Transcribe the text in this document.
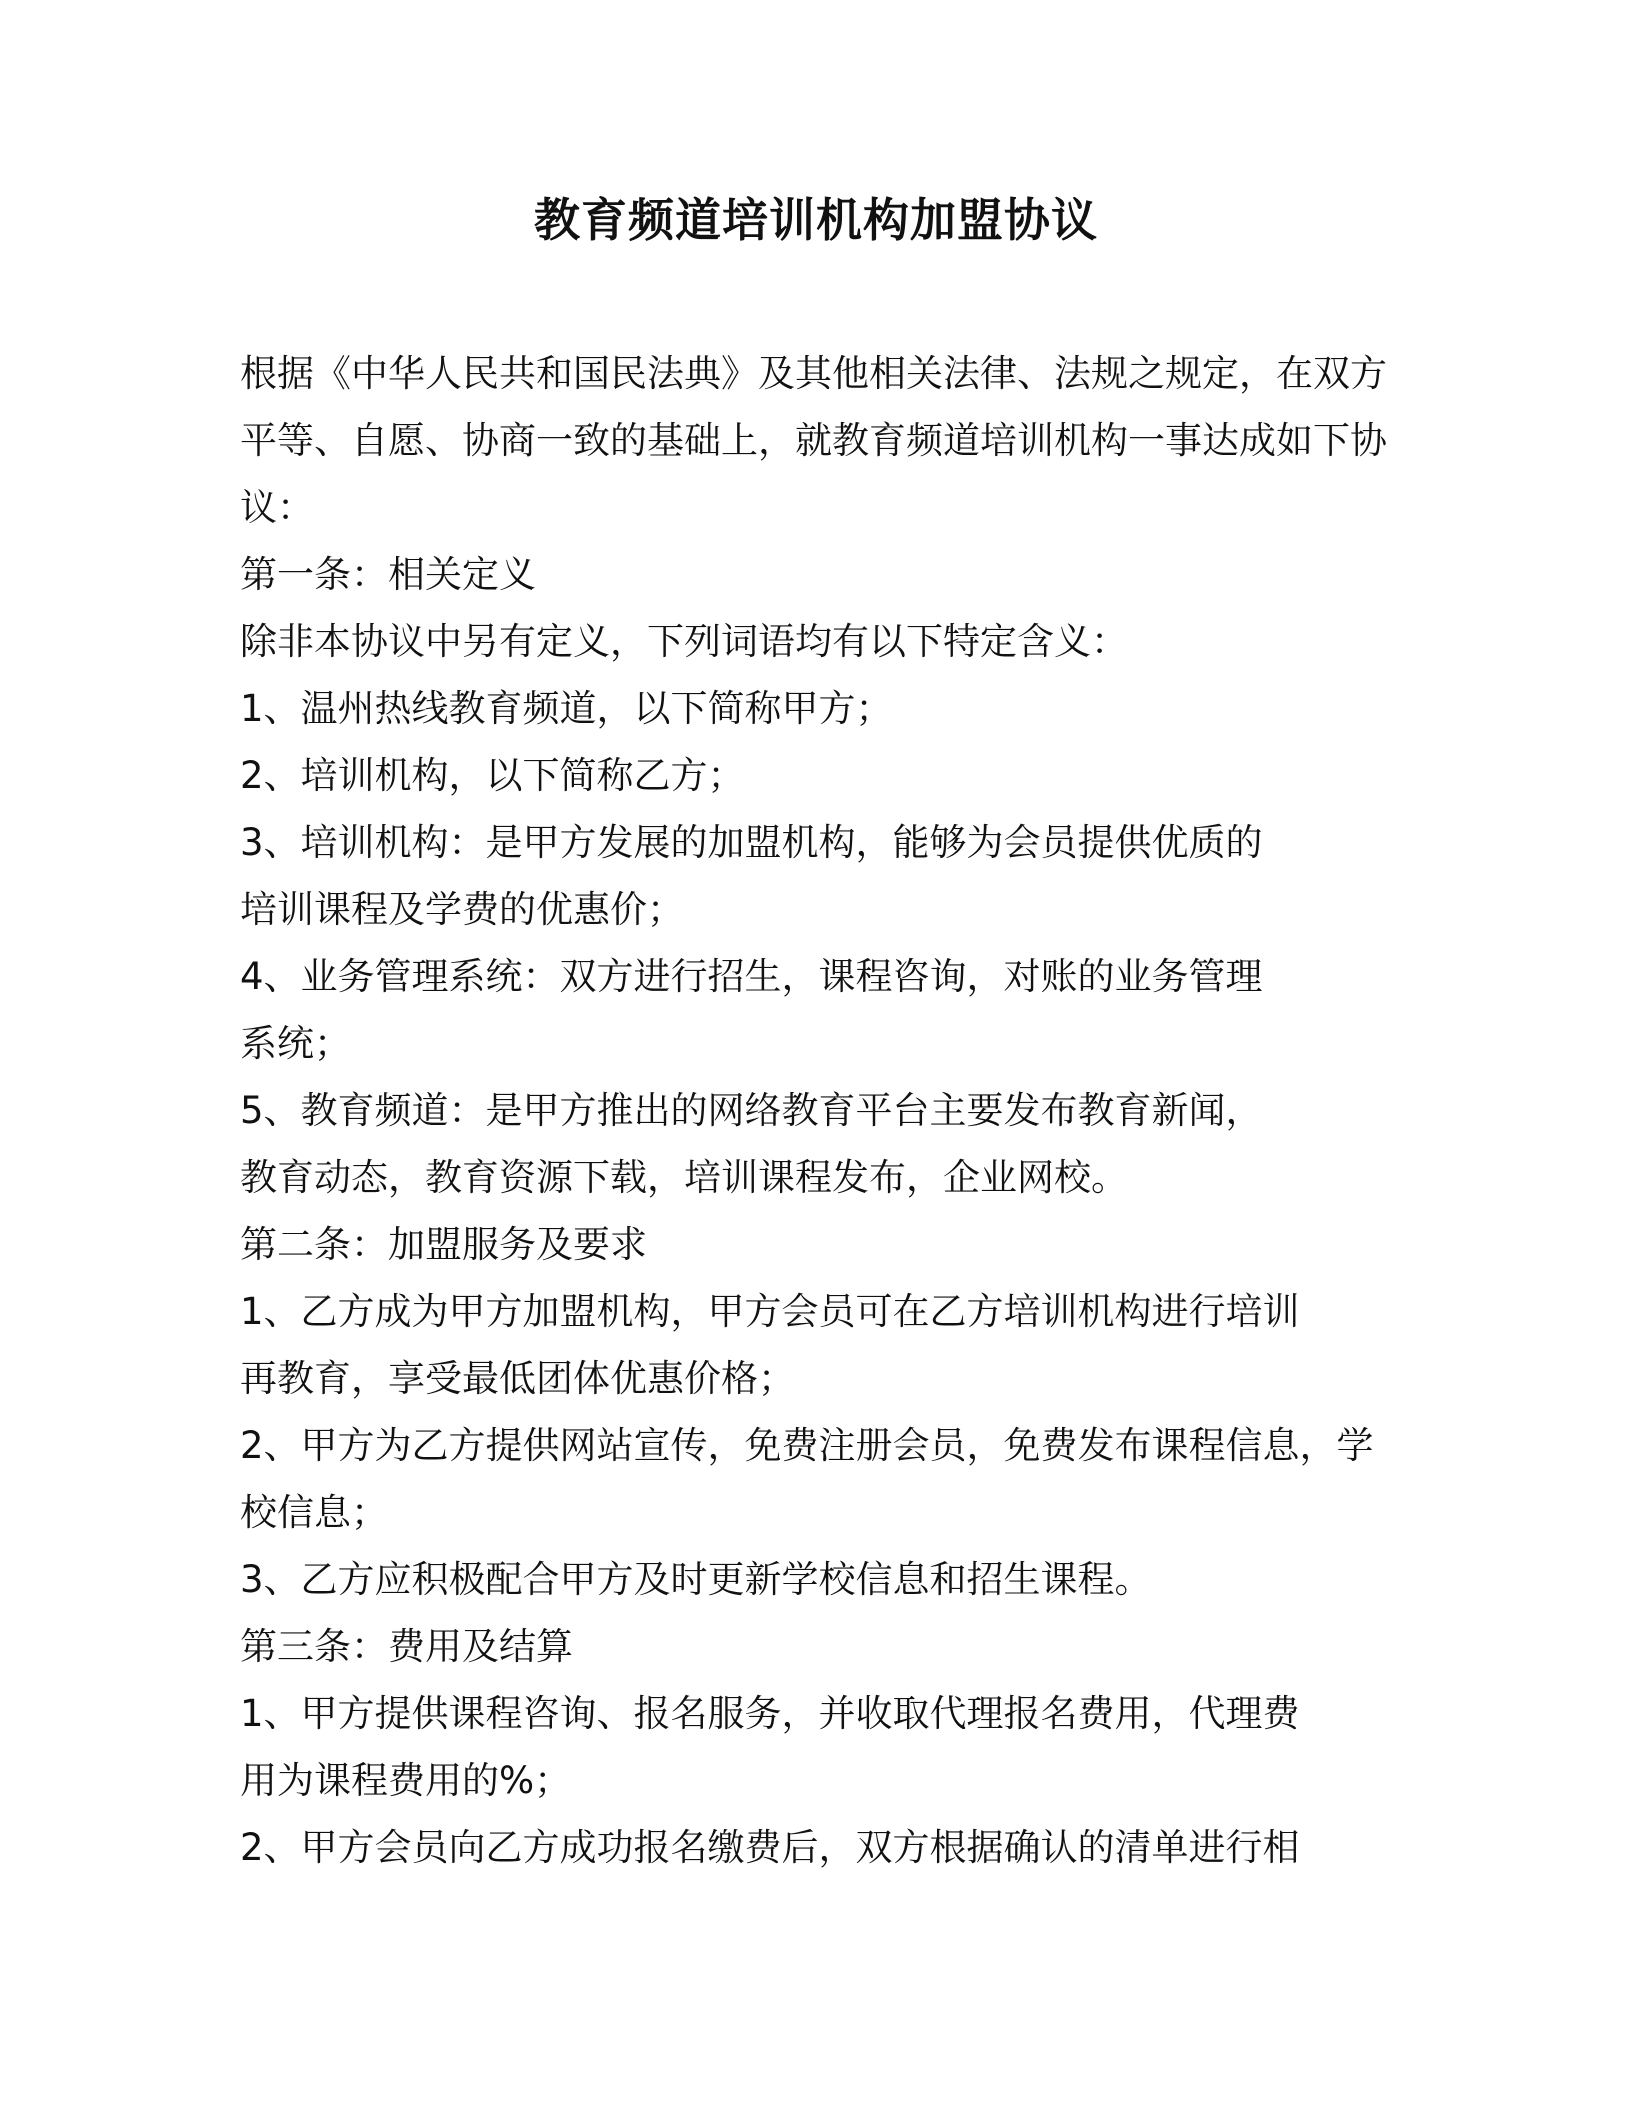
教育频道培训机构加盟协议

根据《中华人民共和国民法典》及其他相关法律、法规之规定，在双方

平等、自愿、协商一致的基础上，就教育频道培训机构一事达成如下协

议：

第一条：相关定义

除非本协议中另有定义，下列词语均有以下特定含义：

1、温州热线教育频道，以下简称甲方；

2、培训机构，以下简称乙方；

3、培训机构：是甲方发展的加盟机构，能够为会员提供优质的

培训课程及学费的优惠价；

4、业务管理系统：双方进行招生，课程咨询，对账的业务管理

系统；

5、教育频道：是甲方推出的网络教育平台主要发布教育新闻，

教育动态，教育资源下载，培训课程发布，企业网校。

第二条：加盟服务及要求

1、乙方成为甲方加盟机构，甲方会员可在乙方培训机构进行培训

再教育，享受最低团体优惠价格；

2、甲方为乙方提供网站宣传，免费注册会员，免费发布课程信息，学

校信息；

3、乙方应积极配合甲方及时更新学校信息和招生课程。

第三条：费用及结算

1、甲方提供课程咨询、报名服务，并收取代理报名费用，代理费

用为课程费用的%；

2、甲方会员向乙方成功报名缴费后，双方根据确认的清单进行相
